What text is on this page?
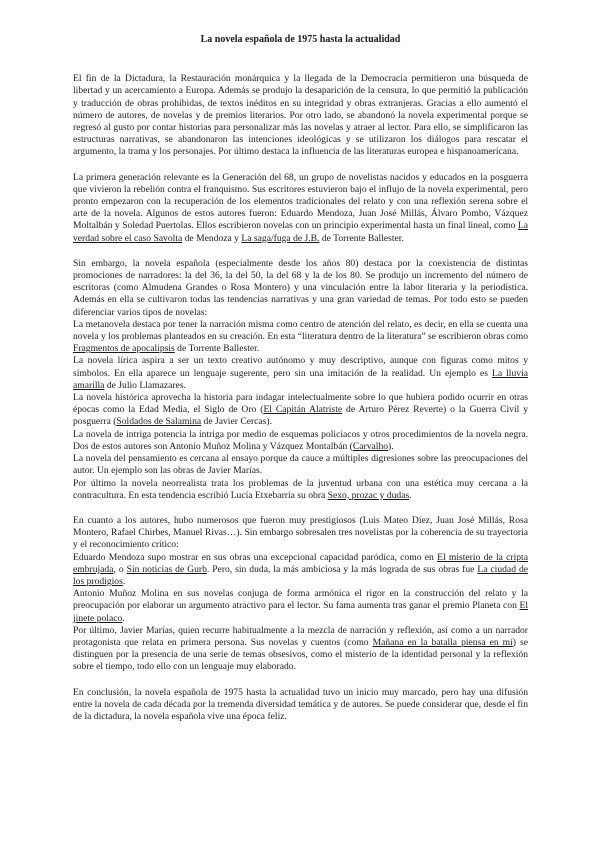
La novela española de 1975 hasta la actualidad

El fin de la Dictadura, la Restauración monárquica y la llegada de la Democracia permitieron una búsqueda de libertad y un acercamiento a Europa. Además se produjo la desaparición de la censura, lo que permitió la publicación y traducción de obras prohibidas, de textos inéditos en su integridad y obras extranjeras. Gracias a ello aumentó el número de autores, de novelas y de premios literarios. Por otro lado, se abandonó la novela experimental porque se regresó al gusto por contar historias para personalizar más las novelas y atraer al lector. Para ello, se simplificaron las estructuras narrativas, se abandonaron las intenciones ideológicas y se utilizaron los diálogos para rescatar el argumento, la trama y los personajes. Por último destaca la influencia de las literaturas europea e hispanoamericana.

La primera generación relevante es la Generación del 68, un grupo de novelistas nacidos y educados en la posguerra que vivieron la rebelión contra el franquismo. Sus escritores estuvieron bajo el influjo de la novela experimental, pero pronto empezaron con la recuperación de los elementos tradicionales del relato y con una reflexión serena sobre el arte de la novela. Algunos de estos autores fueron: Eduardo Mendoza, Juan José Millás, Álvaro Pombo, Vázquez Moltalbán y Soledad Puertolas. Ellos escribieron novelas con un principio experimental hasta un final lineal, como La verdad sobre el caso Savolta de Mendoza y La saga/fuga de J.B. de Torrente Ballester.

Sin embargo, la novela española (especialmente desde los años 80) destaca por la coexistencia de distintas promociones de narradores: la del 36, la del 50, la del 68 y la de los 80. Se produjo un incremento del número de escritoras (como Almudena Grandes o Rosa Montero) y una vinculación entre la labor literaria y la periodística. Además en ella se cultivaron todas las tendencias narrativas y una gran variedad de temas. Por todo esto se pueden diferenciar varios tipos de novelas:

La metanovela destaca por tener la narración misma como centro de atención del relato, es decir, en ella se cuenta una novela y los problemas planteados en su creación. En esta “literatura dentro de la literatura” se escribieron obras como Fragmentos de apocalipsis de Torrente Ballester.

La novela lírica aspira a ser un texto creativo autónomo y muy descriptivo, aunque con figuras como mitos y símbolos. En ella aparece un lenguaje sugerente, pero sin una imitación de la realidad. Un ejemplo es La lluvia amarilla de Julio Llamazares.

La novela histórica aprovecha la historia para indagar intelectualmente sobre lo que hubiera podido ocurrir en otras épocas como la Edad Media, el Siglo de Oro (El Capitán Alatriste de Arturo Pérez Reverte) o la Guerra Civil y posguerra (Soldados de Salamina de Javier Cercas).

La novela de intriga potencia la intriga por medio de esquemas policiacos y otros procedimientos de la novela negra. Dos de estos autores son Antonio Muñoz Molina y Vázquez Montalbán (Carvalho).

La novela del pensamiento es cercana al ensayo porque da cauce a múltiples digresiones sobre las preocupaciones del autor. Un ejemplo son las obras de Javier Marías.

Por último la novela neorrealista trata los problemas de la juventud urbana con una estética muy cercana a la contracultura. En esta tendencia escribió Lucía Etxebarría su obra Sexo, prozac y dudas.

En cuanto a los autores, hubo numerosos que fueron muy prestigiosos (Luis Mateo Díez, Juan José Millás, Rosa Montero, Rafael Chirbes, Manuel Rivas…). Sin embargo sobresalen tres novelistas por la coherencia de su trayectoria y el reconocimiento crítico:

Eduardo Mendoza supo mostrar en sus obras una excepcional capacidad paródica, como en El misterio de la cripta embrujada, o Sin noticias de Gurb. Pero, sin duda, la más ambiciosa y la más lograda de sus obras fue La ciudad de los prodigios.

Antonio Muñoz Molina en sus novelas conjuga de forma armónica el rigor en la construcción del relato y la preocupación por elaborar un argumento atractivo para el lector. Su fama aumenta tras ganar el premio Planeta con El jinete polaco.

Por último, Javier Marías, quien recurre habitualmente a la mezcla de narración y reflexión, así como a un narrador protagonista que relata en primera persona. Sus novelas y cuentos (como Mañana en la batalla piensa en mí) se distinguen por la presencia de una serie de temas obsesivos, como el misterio de la identidad personal y la reflexión sobre el tiempo, todo ello con un lenguaje muy elaborado.

En conclusión, la novela española de 1975 hasta la actualidad tuvo un inicio muy marcado, pero hay una difusión entre la novela de cada década por la tremenda diversidad temática y de autores. Se puede considerar que, desde el fin de la dictadura, la novela española vive una época feliz.
